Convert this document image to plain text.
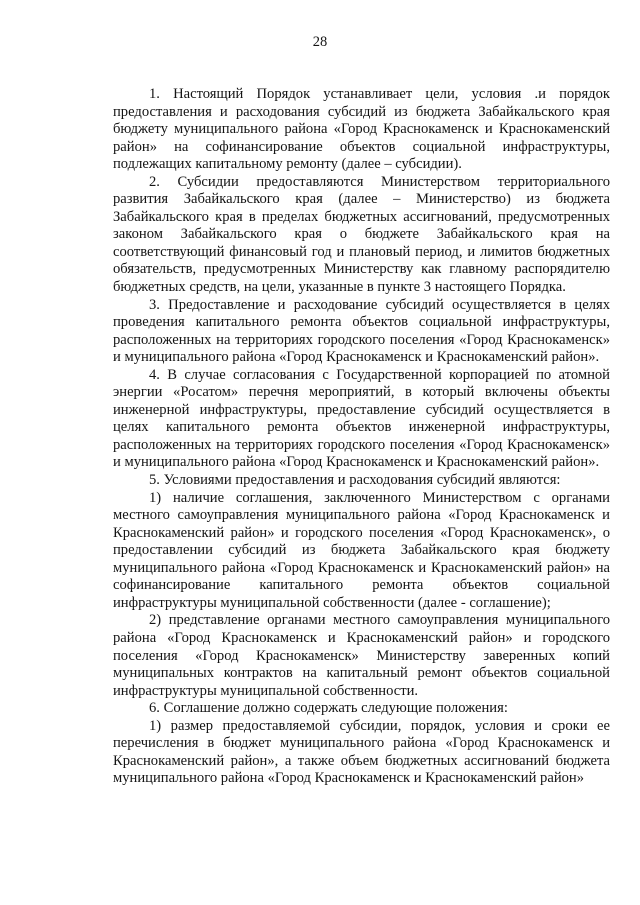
28

1. Настоящий Порядок устанавливает цели, условия .и порядок предоставления и расходования субсидий из бюджета Забайкальского края бюджету муниципального района «Город Краснокаменск и Краснокаменский район» на софинансирование объектов социальной инфраструктуры, подлежащих капитальному ремонту (далее – субсидии).

2. Субсидии предоставляются Министерством территориального развития Забайкальского края (далее – Министерство) из бюджета Забайкальского края в пределах бюджетных ассигнований, предусмотренных законом Забайкальского края о бюджете Забайкальского края на соответствующий финансовый год и плановый период, и лимитов бюджетных обязательств, предусмотренных Министерству как главному распорядителю бюджетных средств, на цели, указанные в пункте 3 настоящего Порядка.

3. Предоставление и расходование субсидий осуществляется в целях проведения капитального ремонта объектов социальной инфраструктуры, расположенных на территориях городского поселения «Город Краснокаменск» и муниципального района «Город Краснокаменск и Краснокаменский район».

4. В случае согласования с Государственной корпорацией по атомной энергии «Росатом» перечня мероприятий, в который включены объекты инженерной инфраструктуры, предоставление субсидий осуществляется в целях капитального ремонта объектов инженерной инфраструктуры, расположенных на территориях городского поселения «Город Краснокаменск» и муниципального района «Город Краснокаменск и Краснокаменский район».

5. Условиями предоставления и расходования субсидий являются:

1) наличие соглашения, заключенного Министерством с органами местного самоуправления муниципального района «Город Краснокаменск и Краснокаменский район» и городского поселения «Город Краснокаменск», о предоставлении субсидий из бюджета Забайкальского края бюджету муниципального района «Город Краснокаменск и Краснокаменский район» на софинансирование капитального ремонта объектов социальной инфраструктуры муниципальной собственности (далее - соглашение);

2) представление органами местного самоуправления муниципального района «Город Краснокаменск и Краснокаменский район» и городского поселения «Город Краснокаменск» Министерству заверенных копий муниципальных контрактов на капитальный ремонт объектов социальной инфраструктуры муниципальной собственности.

6. Соглашение должно содержать следующие положения:

1) размер предоставляемой субсидии, порядок, условия и сроки ее перечисления в бюджет муниципального района «Город Краснокаменск и Краснокаменский район», а также объем бюджетных ассигнований бюджета муниципального района «Город Краснокаменск и Краснокаменский район»
